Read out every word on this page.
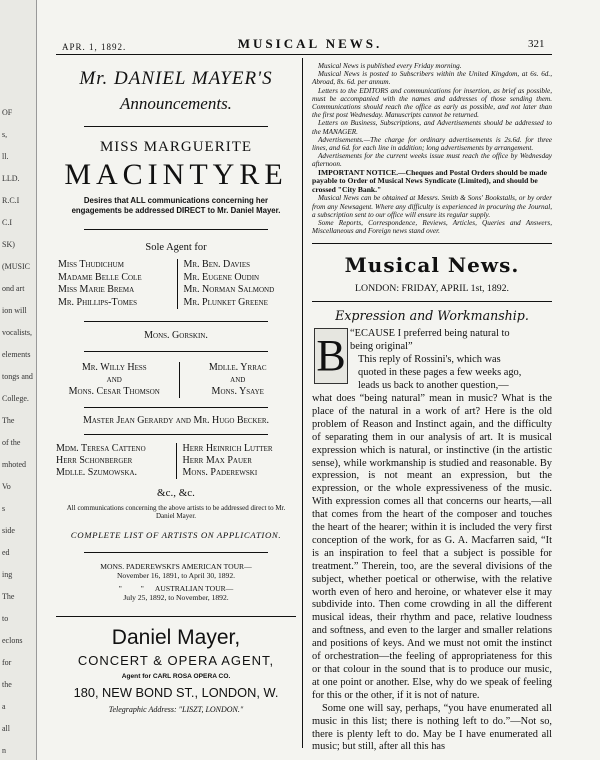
OF
s,
ll.
LLD.
R.C.I
C.I
SK)
(MUSIC
ond art
ion will
vocalists,
elements
tongs and
College.
The
of the
mhoted
Vo
s
side
ed
ing
The
to
eclons
for
the
a
all
n
APR. 1, 1892.	MUSICAL NEWS.	321
Mr. DANIEL MAYER'S
Announcements.
MISS MARGUERITE
MACINTYRE
Desires that ALL communications concerning her engagements be addressed DIRECT to Mr. Daniel Mayer.
Sole Agent for
Miss Thudichum
Madame Belle Cole
Miss Marie Brema
Mr. Phillips-Tomes
Mr. Ben. Davies
Mr. Eugene Oudin
Mr. Norman Salmond
Mr. Plunket Greene
Mons. Gorskin.
Mr. Willy Hess
and
Mons. Cesar Thomson
Mdlle. Yrrac
and
Mons. Ysaye
Master Jean Gerardy and Mr. Hugo Becker.
Mdm. Teresa Catteno
Herr Schonberger
Mdlle. Szumowska.
Herr Heinrich Lutter
Herr Max Pauer
Mons. Paderewski
&c., &c.
All communications concerning the above artists to be addressed direct to Mr. Daniel Mayer.
COMPLETE LIST OF ARTISTS ON APPLICATION.
MONS. PADEREWSKI'S AMERICAN TOUR—
November 16, 1891, to April 30, 1892.
"          "      AUSTRALIAN TOUR—
July 25, 1892, to November, 1892.
Daniel Mayer,
CONCERT & OPERA AGENT,
Agent for CARL ROSA OPERA CO.
180, NEW BOND ST., LONDON, W.
Telegraphic Address: "LISZT, LONDON."
Musical News is published every Friday morning.
Musical News is posted to Subscribers within the United Kingdom, at 6s. 6d., Abroad, 8s. 6d. per annum.
Letters to the EDITORS and communications for insertion, as brief as possible, must be accompanied with the names and addresses of those sending them. Communications should reach the office as early as possible, and not later than the first post Wednesday. Manuscripts cannot be returned.
Letters on Business, Subscriptions, and Advertisements should be addressed to the MANAGER.
Advertisements.—The charge for ordinary advertisements is 2s.6d. for three lines, and 6d. for each line in addition; long advertisements by arrangement.
Advertisements for the current weeks issue must reach the office by Wednesday afternoon.
IMPORTANT NOTICE.—Cheques and Postal Orders should be made payable to Order of Musical News Syndicate (Limited), and should be crossed "City Bank."
Musical News can be obtained at Messrs. Smith & Sons' Bookstalls, or by order from any Newsagent. Where any difficulty is experienced in procuring the Journal, a subscription sent to our office will ensure its regular supply.
Some Reports, Correspondence, Reviews, Articles, Queries and Answers, Miscellaneous and Foreign news stand over.
Musical News.
LONDON: FRIDAY, APRIL 1st, 1892.
Expression and Workmanship.
B “ECAUSE I preferred being natural to
being original”
This reply of Rossini's, which was
quoted in these pages a few weeks ago,
leads us back to another question,—
what does “being natural” mean in music? What is the place of the natural in a work of art? Here is the old problem of Reason and Instinct again, and the difficulty of separating them in our analysis of art. It is musical expression which is natural, or instinctive (in the artistic sense), while workmanship is studied and reasonable. By expression, is not meant an expression, but the expression, or the whole expressiveness of the music. With expression comes all that concerns our hearts,—all that comes from the heart of the composer and touches the heart of the hearer; within it is included the very first conception of the work, for as G. A. Macfarren said, “It is an inspiration to feel that a subject is possible for treatment.” Therein, too, are the several divisions of the subject, whether poetical or otherwise, with the relative worth even of hero and heroine, or whatever else it may subdivide into. Then come crowding in all the different musical ideas, their rhythm and pace, relative loudness and softness, and even to the larger and smaller relations and positions of keys. And we must not omit the instinct of orchestration—the feeling of appropriateness for this or that colour in the sound that is to produce our music, at one point or another. Else, why do we speak of feeling for this or the other, if it is not of nature.
Some one will say, perhaps, “you have enumerated all music in this list; there is nothing left to do.”—Not so, there is plenty left to do. May be I have enumerated all music; but still, after all this has
